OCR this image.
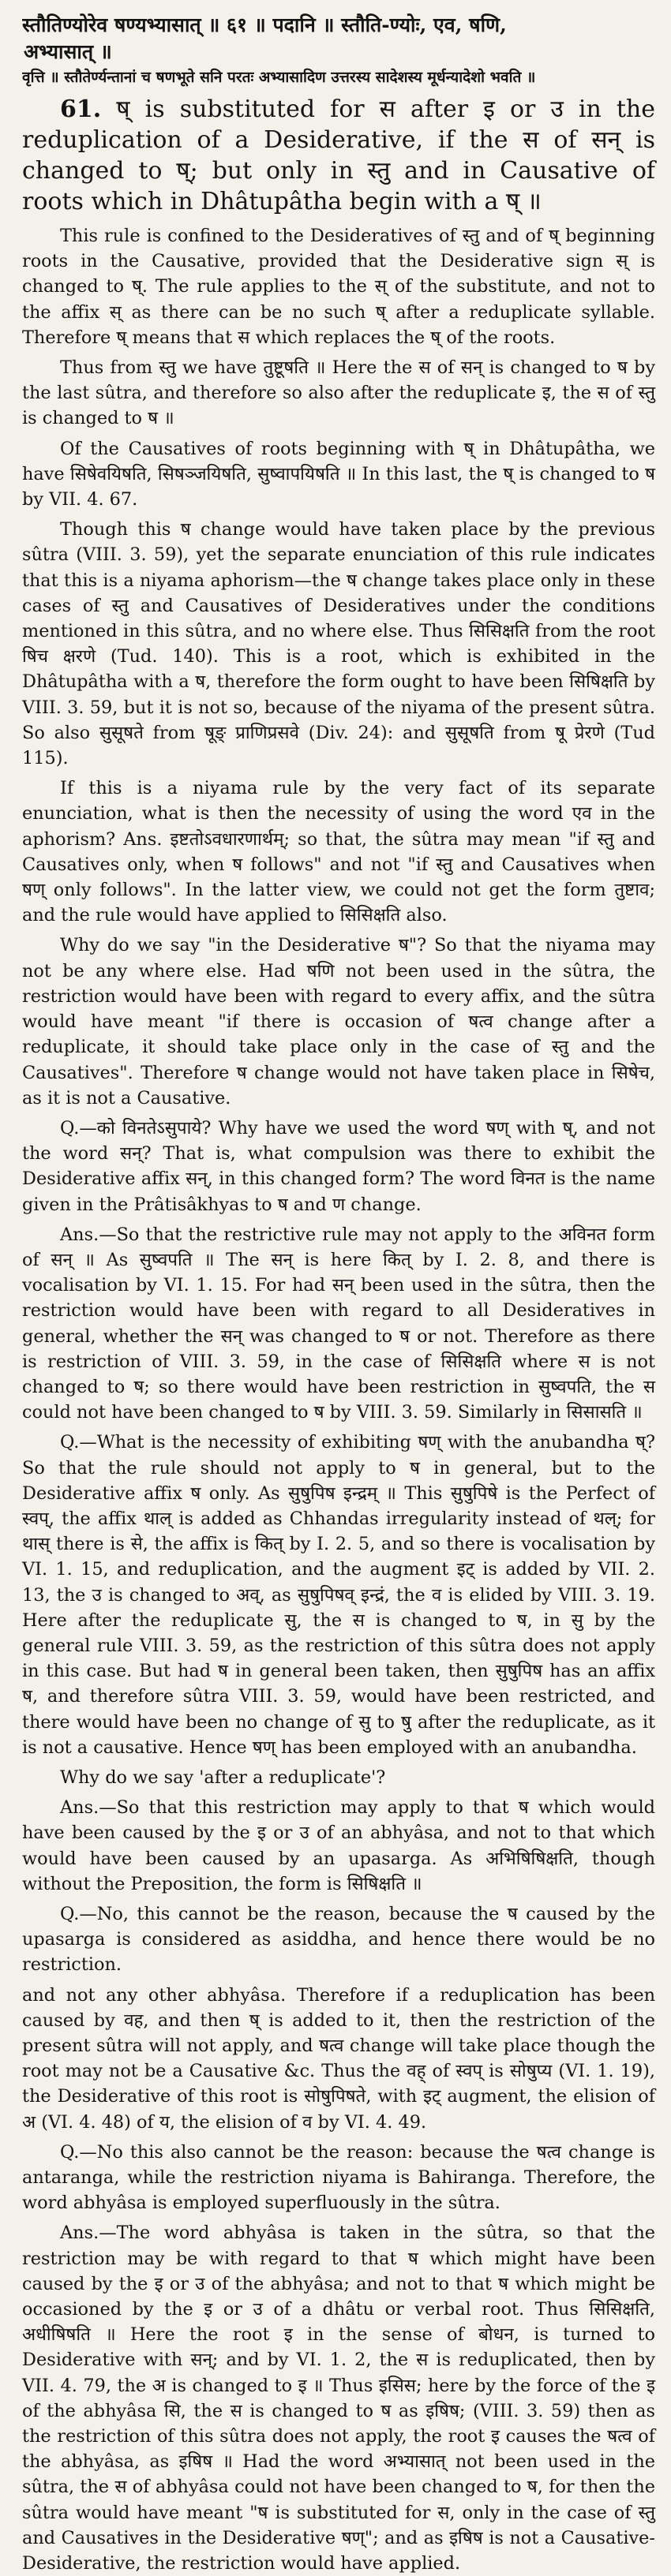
स्तौतिण्योरेव षण्यभ्यासात् ॥ ६१ ॥ पदानि ॥ स्तौति-ण्योः, एव, षणि,
अभ्यासात् ॥
वृत्ति ॥ स्तौतेर्ण्यन्तानां च षणभूते सनि परतः अभ्यासादिण उत्तरस्य सादेशस्य मूर्धन्यादेशो भवति ॥

61. ष् is substituted for स after इ or उ in the reduplication of a Desiderative, if the स of सन् is changed to ष्; but only in स्तु and in Causative of roots which in Dhâtupâtha begin with a ष् ॥

This rule is confined to the Desideratives of स्तु and of ष् beginning roots in the Causative, provided that the Desiderative sign स् is changed to ष्. The rule applies to the स् of the substitute, and not to the affix स् as there can be no such ष् after a reduplicate syllable. Therefore ष् means that स which replaces the ष् of the roots.

Thus from स्तु we have तुष्टूषति ॥ Here the स of सन् is changed to ष by the last sûtra, and therefore so also after the reduplicate इ, the स of स्तु is changed to ष ॥

Of the Causatives of roots beginning with ष् in Dhâtupâtha, we have सिषेवयिषति, सिषञ्जयिषति, सुष्वापयिषति ॥ In this last, the ष् is changed to ष by VII. 4. 67.

Though this ष change would have taken place by the previous sûtra (VIII. 3. 59), yet the separate enunciation of this rule indicates that this is a niyama aphorism—the ष change takes place only in these cases of स्तु and Causatives of Desideratives under the conditions mentioned in this sûtra, and no where else. Thus सिसिक्षति from the root षिच क्षरणे (Tud. 140). This is a root, which is exhibited in the Dhâtupâtha with a ष, therefore the form ought to have been सिषिक्षति by VIII. 3. 59, but it is not so, because of the niyama of the present sûtra. So also सुसूषते from षूङ् प्राणिप्रसवे (Div. 24): and सुसूषति from षू प्रेरणे (Tud 115).

If this is a niyama rule by the very fact of its separate enunciation, what is then the necessity of using the word एव in the aphorism? Ans. इष्टतोऽवधारणार्थम्; so that, the sûtra may mean "if स्तु and Causatives only, when ष follows" and not "if स्तु and Causatives when षण् only follows". In the latter view, we could not get the form तुष्टाव; and the rule would have applied to सिसिक्षति also.

Why do we say "in the Desiderative ष"? So that the niyama may not be any where else. Had षणि not been used in the sûtra, the restriction would have been with regard to every affix, and the sûtra would have meant "if there is occasion of षत्व change after a reduplicate, it should take place only in the case of स्तु and the Causatives". Therefore ष change would not have taken place in सिषेच, as it is not a Causative.

Q.—को विनतेऽसुपाये? Why have we used the word षण् with ष्, and not the word सन्? That is, what compulsion was there to exhibit the Desiderative affix सन्, in this changed form? The word विनत is the name given in the Prâtisâkhyas to ष and ण change.

Ans.—So that the restrictive rule may not apply to the अविनत form of सन् ॥ As सुष्वपति ॥ The सन् is here कित् by I. 2. 8, and there is vocalisation by VI. 1. 15. For had सन् been used in the sûtra, then the restriction would have been with regard to all Desideratives in general, whether the सन् was changed to ष or not. Therefore as there is restriction of VIII. 3. 59, in the case of सिसिक्षति where स is not changed to ष; so there would have been restriction in सुष्वपति, the स could not have been changed to ष by VIII. 3. 59. Similarly in सिसासति ॥

Q.—What is the necessity of exhibiting षण् with the anubandha ष्? So that the rule should not apply to ष in general, but to the Desiderative affix ष only. As सुषुपिष इन्द्रम् ॥ This सुषुपिषे is the Perfect of स्वप्, the affix थाल् is added as Chhandas irregularity instead of थल्; for थास् there is से, the affix is कित् by I. 2. 5, and so there is vocalisation by VI. 1. 15, and reduplication, and the augment इट् is added by VII. 2. 13, the उ is changed to अव्, as सुषुपिषव् इन्द्रं, the व is elided by VIII. 3. 19. Here after the reduplicate सु, the स is changed to ष, in सु by the general rule VIII. 3. 59, as the restriction of this sûtra does not apply in this case. But had ष in general been taken, then सुषुपिष has an affix ष, and therefore sûtra VIII. 3. 59, would have been restricted, and there would have been no change of सु to षु after the reduplicate, as it is not a causative. Hence षण् has been employed with an anubandha.

Why do we say 'after a reduplicate'?

Ans.—So that this restriction may apply to that ष which would have been caused by the इ or उ of an abhyâsa, and not to that which would have been caused by an upasarga. As अभिषिषिक्षति, though without the Preposition, the form is सिषिक्षति ॥

Q.—No, this cannot be the reason, because the ष caused by the upasarga is considered as asiddha, and hence there would be no restriction.

and not any other abhyâsa. Therefore if a reduplication has been caused by वह, and then ष् is added to it, then the restriction of the present sûtra will not apply, and षत्व change will take place though the root may not be a Causative &c. Thus the वह् of स्वप् is सोषुप्य (VI. 1. 19), the Desiderative of this root is सोषुपिषते, with इट् augment, the elision of अ (VI. 4. 48) of य, the elision of व by VI. 4. 49.

Q.—No this also cannot be the reason: because the षत्व change is antaranga, while the restriction niyama is Bahiranga. Therefore, the word abhyâsa is employed superfluously in the sûtra.

Ans.—The word abhyâsa is taken in the sûtra, so that the restriction may be with regard to that ष which might have been caused by the इ or उ of the abhyâsa; and not to that ष which might be occasioned by the इ or उ of a dhâtu or verbal root. Thus सिसिक्षति, अधीषिषति ॥ Here the root इ in the sense of बोधन, is turned to Desiderative with सन्; and by VI. 1. 2, the स is reduplicated, then by VII. 4. 79, the अ is changed to इ ॥ Thus इसिस; here by the force of the इ of the abhyâsa सि, the स is changed to ष as इषिष; (VIII. 3. 59) then as the restriction of this sûtra does not apply, the root इ causes the षत्व of the abhyâsa, as इषिष ॥ Had the word अभ्यासात् not been used in the sûtra, the स of abhyâsa could not have been changed to ष, for then the sûtra would have meant "ष is substituted for स, only in the case of स्तु and Causatives in the Desiderative षण्"; and as इषिष is not a Causative-Desiderative, the restriction would have applied.
